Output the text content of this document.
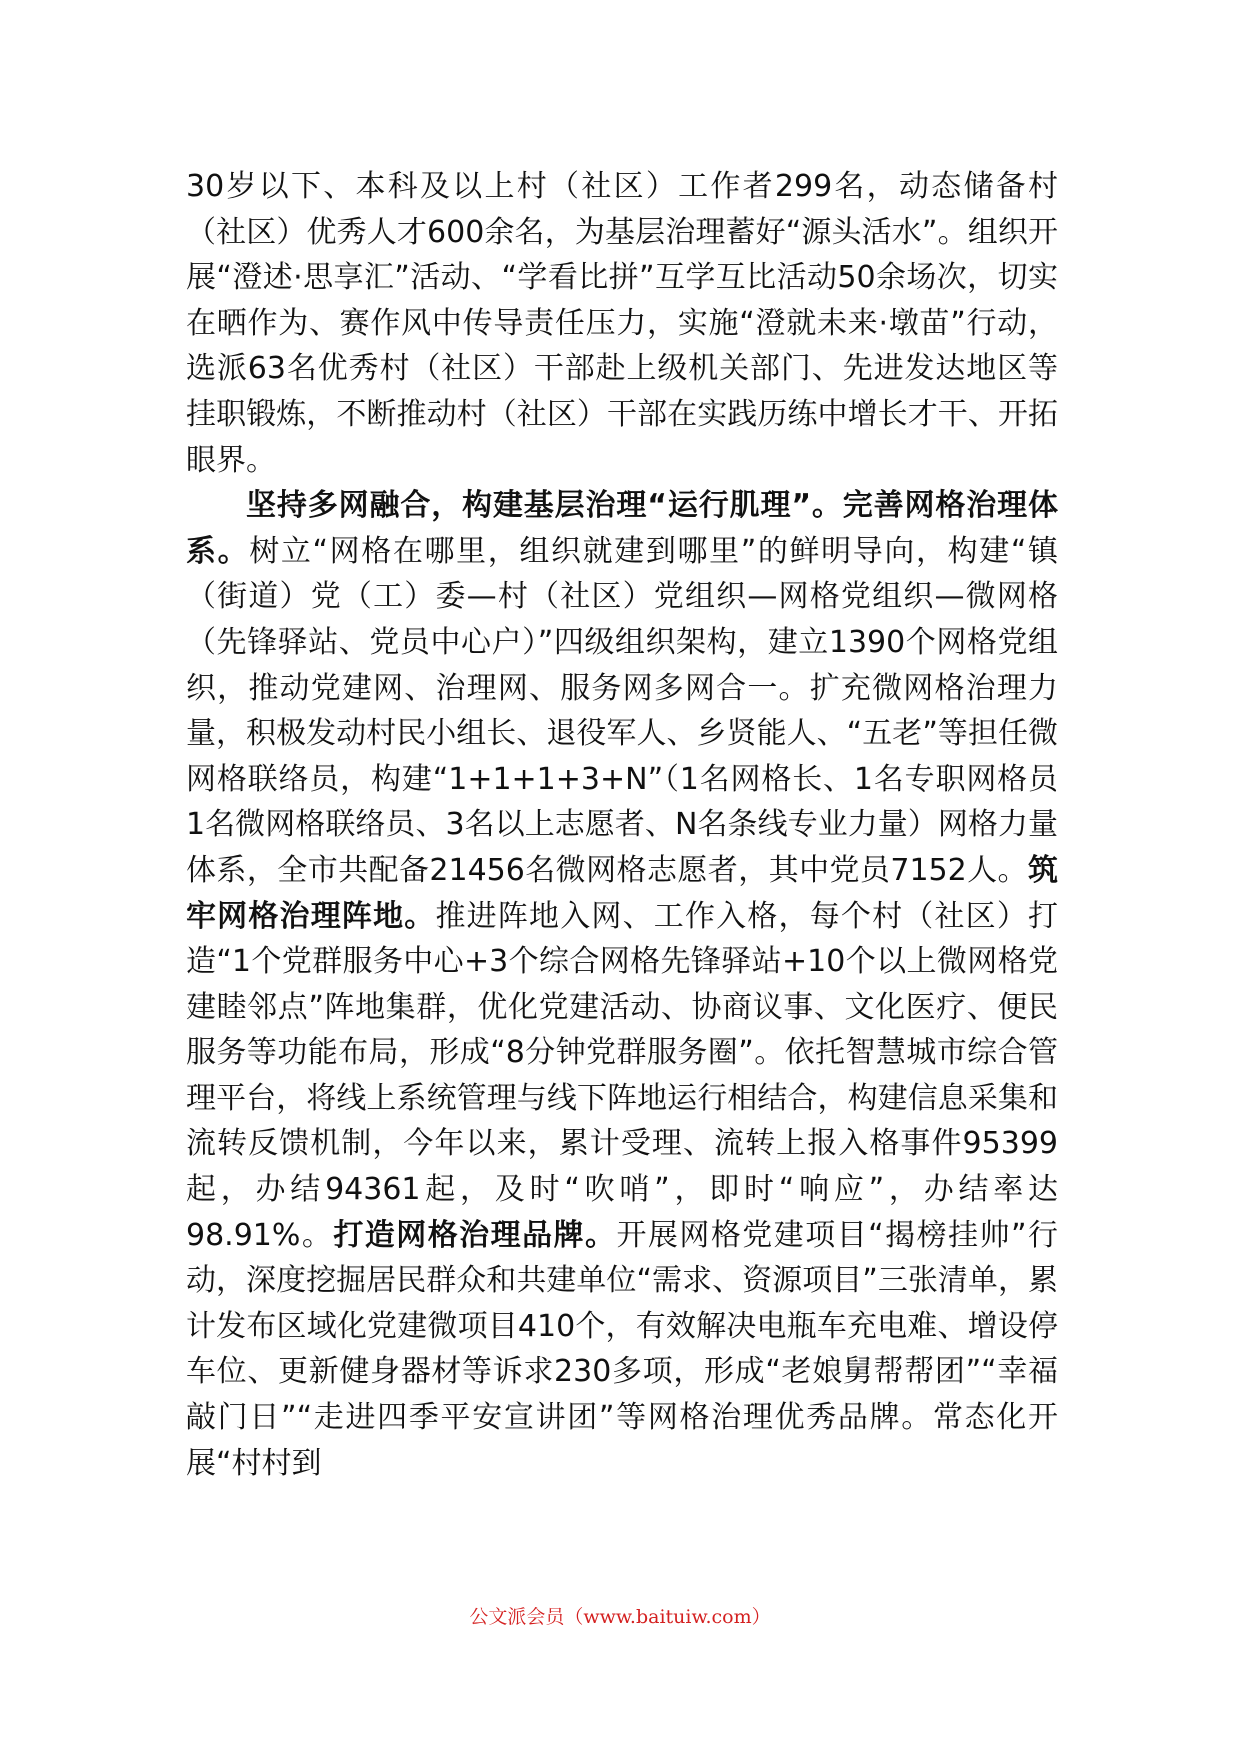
30岁以下、本科及以上村（社区）工作者299名，动态储备村（社区）优秀人才600余名，为基层治理蓄好“源头活水”。组织开展“澄述·思享汇”活动、“学看比拼”互学互比活动50余场次，切实在晒作为、赛作风中传导责任压力，实施“澄就未来·墩苗”行动，选派63名优秀村（社区）干部赴上级机关部门、先进发达地区等挂职锻炼，不断推动村（社区）干部在实践历练中增长才干、开拓眼界。

坚持多网融合，构建基层治理“运行肌理”。完善网格治理体系。树立“网格在哪里，组织就建到哪里”的鲜明导向，构建“镇（街道）党（工）委—村（社区）党组织—网格党组织—微网格（先锋驿站、党员中心户）”四级组织架构，建立1390个网格党组织，推动党建网、治理网、服务网多网合一。扩充微网格治理力量，积极发动村民小组长、退役军人、乡贤能人、“五老”等担任微网格联络员，构建“1+1+1+3+N”（1名网格长、1名专职网格员1名微网格联络员、3名以上志愿者、N名条线专业力量）网格力量体系，全市共配备21456名微网格志愿者，其中党员7152人。筑牢网格治理阵地。推进阵地入网、工作入格，每个村（社区）打造“1个党群服务中心+3个综合网格先锋驿站+10个以上微网格党建睦邻点”阵地集群，优化党建活动、协商议事、文化医疗、便民服务等功能布局，形成“8分钟党群服务圈”。依托智慧城市综合管理平台，将线上系统管理与线下阵地运行相结合，构建信息采集和流转反馈机制，今年以来，累计受理、流转上报入格事件95399起，办结94361起，及时“吹哨”，即时“响应”，办结率达98.91%。打造网格治理品牌。开展网格党建项目“揭榜挂帅”行动，深度挖掘居民群众和共建单位“需求、资源项目”三张清单，累计发布区域化党建微项目410个，有效解决电瓶车充电难、增设停车位、更新健身器材等诉求230多项，形成“老娘舅帮帮团”“幸福敲门日”“走进四季平安宣讲团”等网格治理优秀品牌。常态化开展“村村到

公文派会员（www.baituiw.com）
